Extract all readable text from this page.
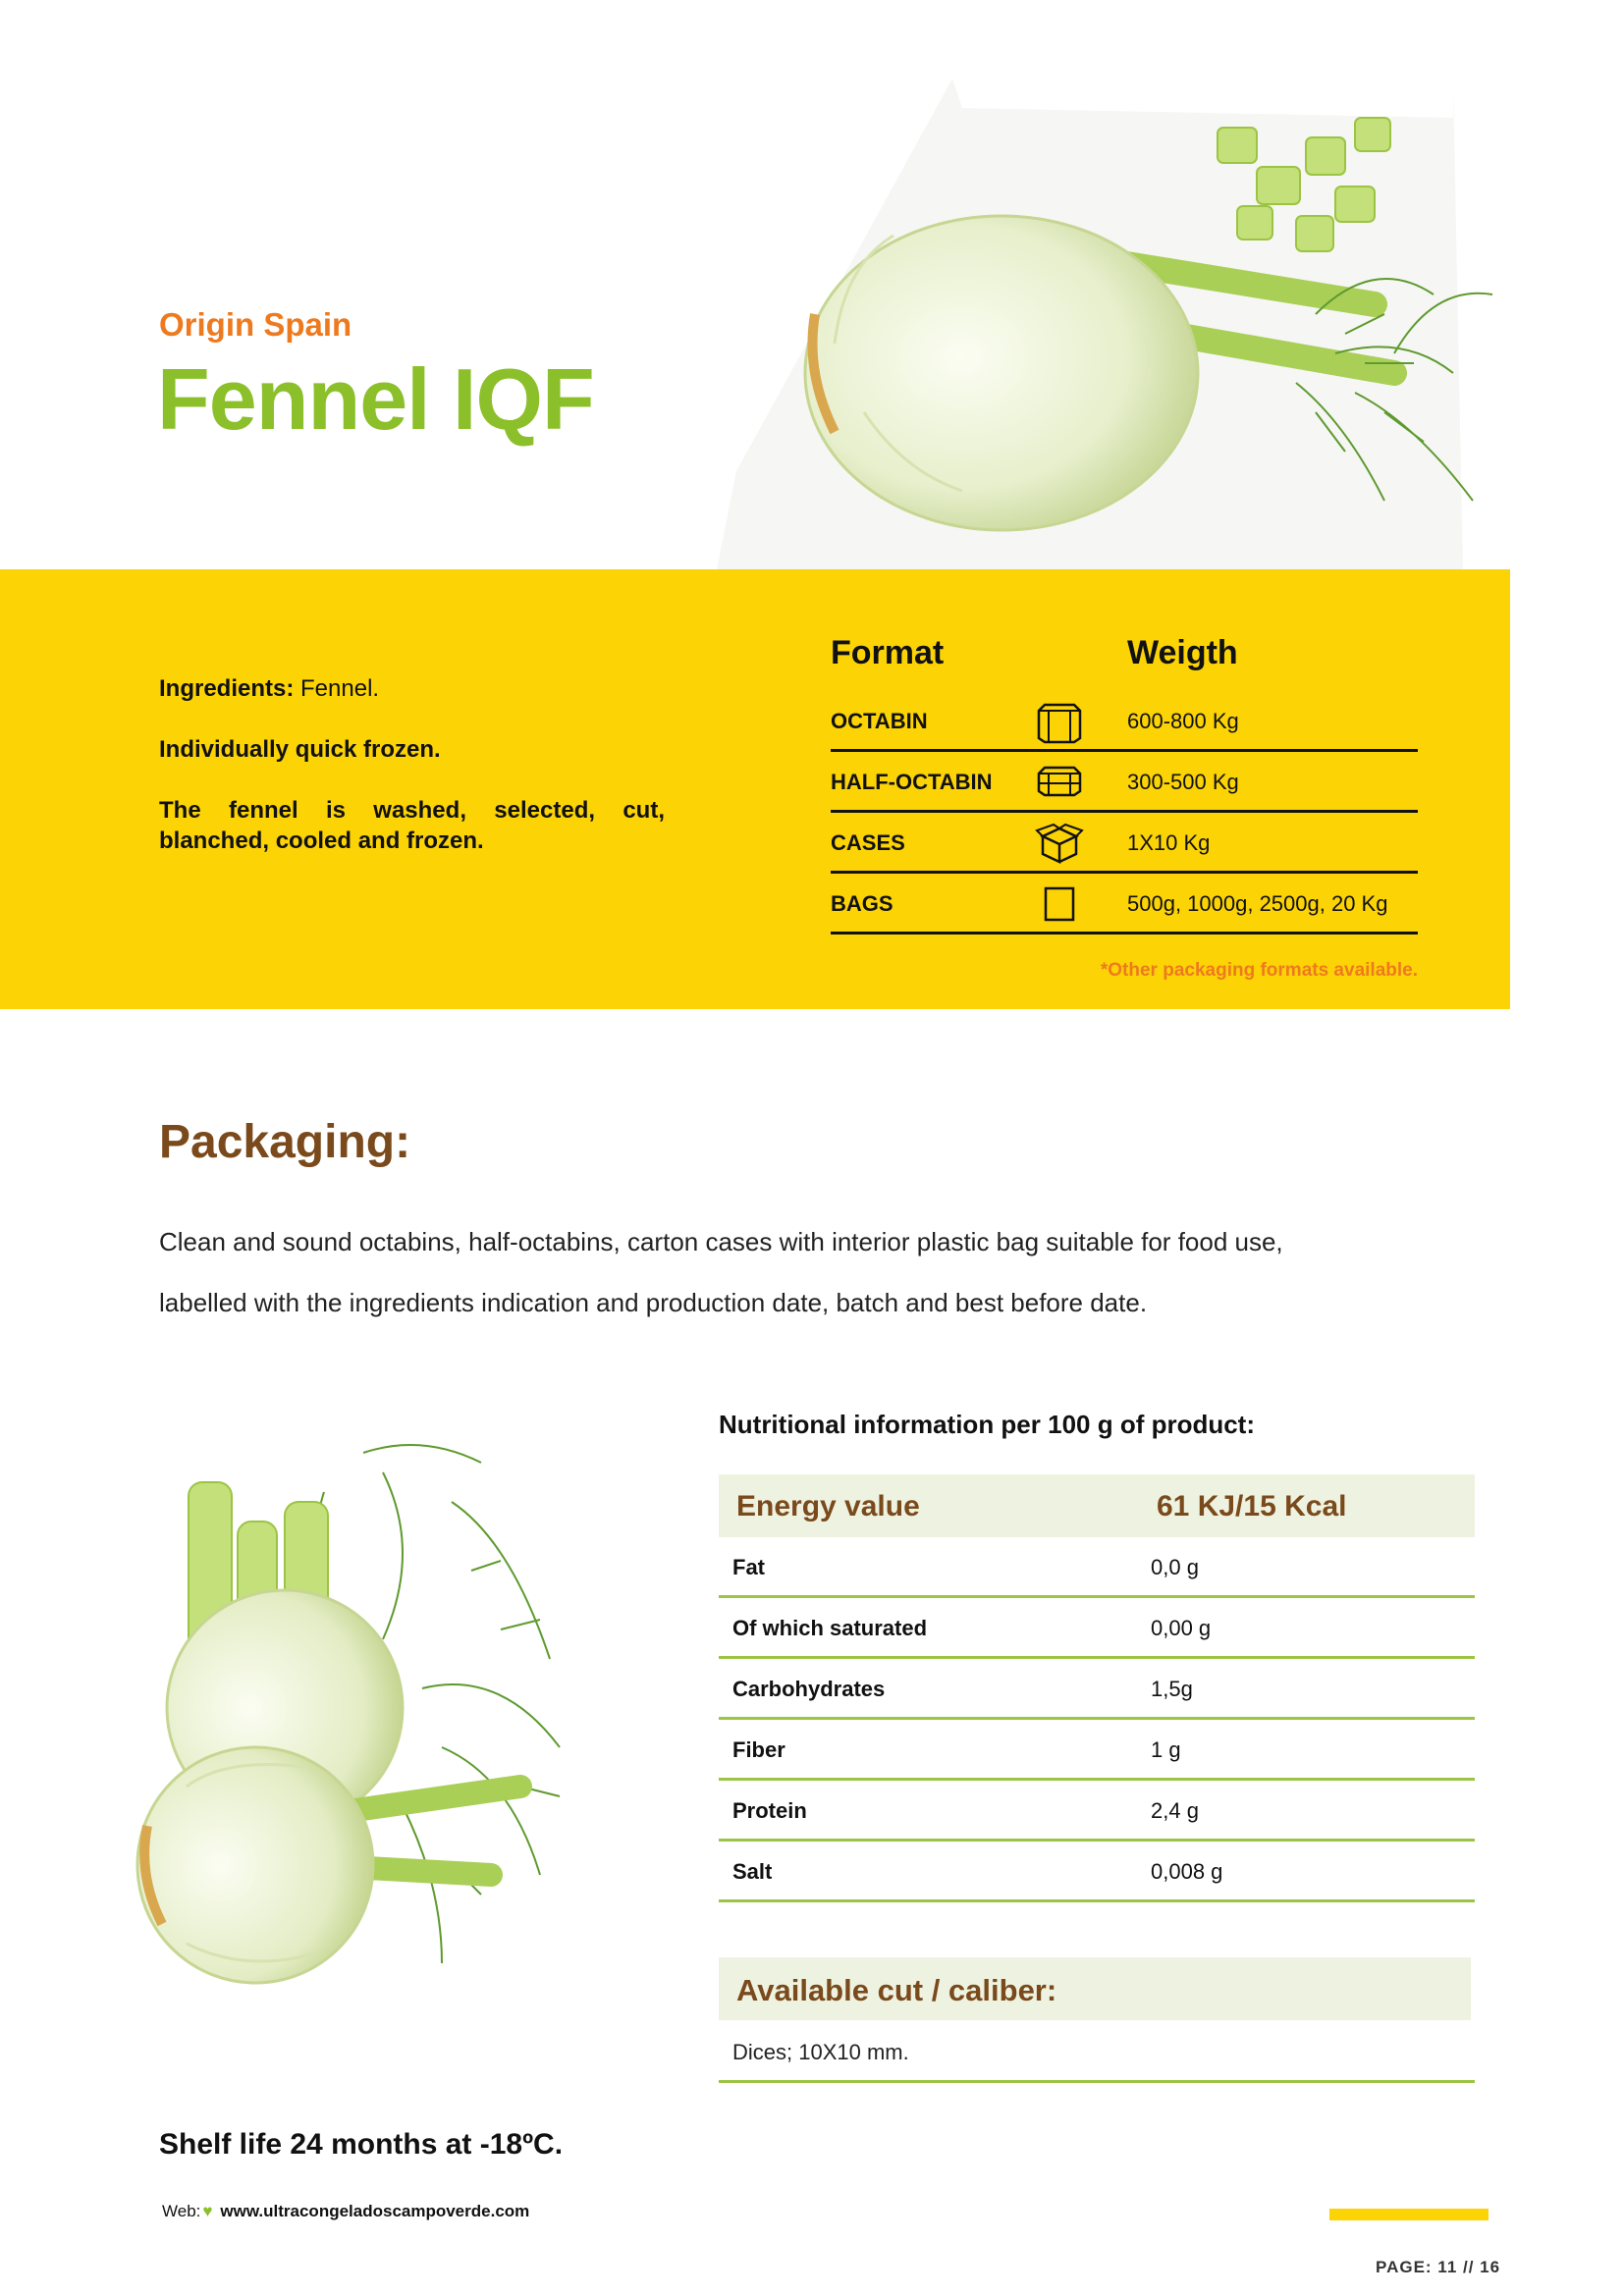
Origin Spain
Fennel IQF
Ingredients: Fennel.
Individually quick frozen.
The fennel is washed, selected, cut, blanched, cooled and frozen.
Format	Weigth
OCTABIN	600-800 Kg
HALF-OCTABIN	300-500 Kg
CASES	1X10 Kg
BAGS	500g, 1000g, 2500g, 20 Kg
*Other packaging formats available.
Packaging:
Clean and sound octabins, half-octabins, carton cases with interior plastic bag suitable for food use,
labelled with the ingredients indication and production date, batch and best before date.
Nutritional information per 100 g of product:
Energy value	61 KJ/15 Kcal
Fat	0,0 g
Of which saturated	0,00 g
Carbohydrates	1,5g
Fiber	1 g
Protein	2,4 g
Salt	0,008 g
Available cut / caliber:
Dices; 10X10 mm.
Shelf life 24 months at -18ºC.
Web: ♥ www.ultracongeladoscampoverde.com
PAGE: 11 // 16
